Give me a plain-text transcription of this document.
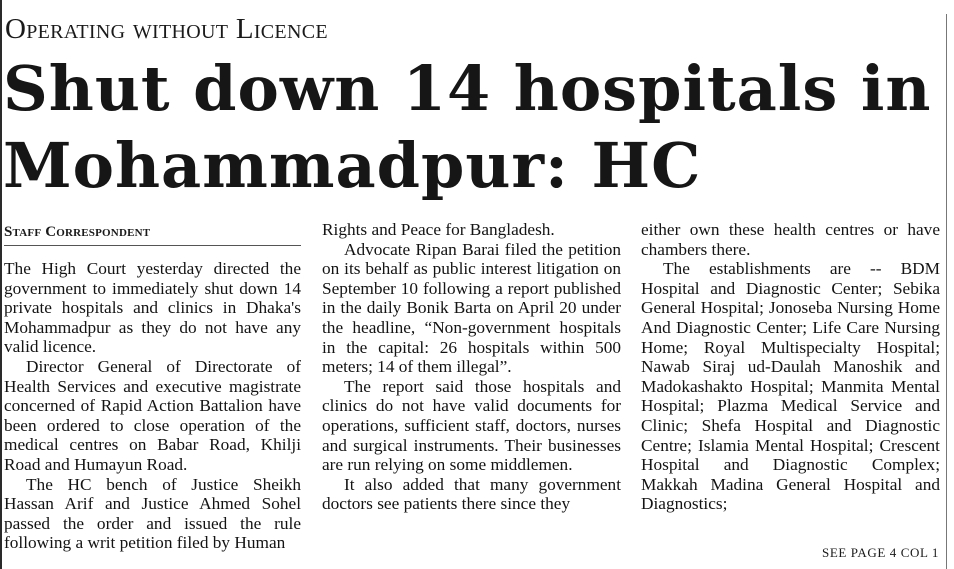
Operating without Licence
Shut down 14 hospitals in
Mohammadpur: HC
Staff Correspondent

The High Court yesterday directed the government to immediately shut down 14 private hospitals and clinics in Dhaka's Mohammadpur as they do not have any valid licence.

Director General of Directorate of Health Services and executive magistrate concerned of Rapid Action Battalion have been ordered to close operation of the medical centres on Babar Road, Khilji Road and Humayun Road.

The HC bench of Justice Sheikh Hassan Arif and Justice Ahmed Sohel passed the order and issued the rule following a writ petition filed by Human

Rights and Peace for Bangladesh.

Advocate Ripan Barai filed the petition on its behalf as public interest litigation on September 10 following a report published in the daily Bonik Barta on April 20 under the headline, “Non-government hospitals in the capital: 26 hospitals within 500 meters; 14 of them illegal”.

The report said those hospitals and clinics do not have valid documents for operations, sufficient staff, doctors, nurses and surgical instruments. Their businesses are run relying on some middlemen.

It also added that many government doctors see patients there since they

either own these health centres or have chambers there.

The establishments are -- BDM Hospital and Diagnostic Center; Sebika General Hospital; Jonoseba Nursing Home And Diagnostic Center; Life Care Nursing Home; Royal Multispecialty Hospital; Nawab Siraj ud-Daulah Manoshik and Madokashakto Hospital; Manmita Mental Hospital; Plazma Medical Service and Clinic; Shefa Hospital and Diagnostic Centre; Islamia Mental Hospital; Crescent Hospital and Diagnostic Complex; Makkah Madina General Hospital and Diagnostics;

SEE PAGE 4 COL 1
